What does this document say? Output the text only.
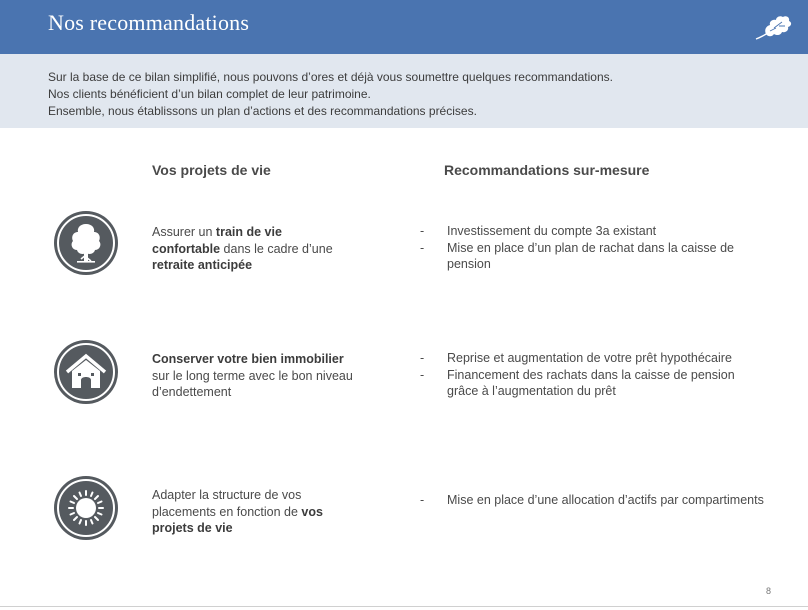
Nos recommandations
Sur la base de ce bilan simplifié, nous pouvons d’ores et déjà vous soumettre quelques recommandations.
Nos clients bénéficient d’un bilan complet de leur patrimoine.
Ensemble, nous établissons un plan d’actions et des recommandations précises.
Vos projets de vie	Recommandations sur-mesure
Assurer un train de vie
confortable dans le cadre d’une
retraite anticipée
- Investissement du compte 3a existant
- Mise en place d’un plan de rachat dans la caisse de pension
Conserver votre bien immobilier
sur le long terme avec le bon niveau
d’endettement
- Reprise et augmentation de votre prêt hypothécaire
- Financement des rachats dans la caisse de pension grâce à l’augmentation du prêt
Adapter la structure de vos
placements en fonction de vos
projets de vie
- Mise en place d’une allocation d’actifs par compartiments
8
